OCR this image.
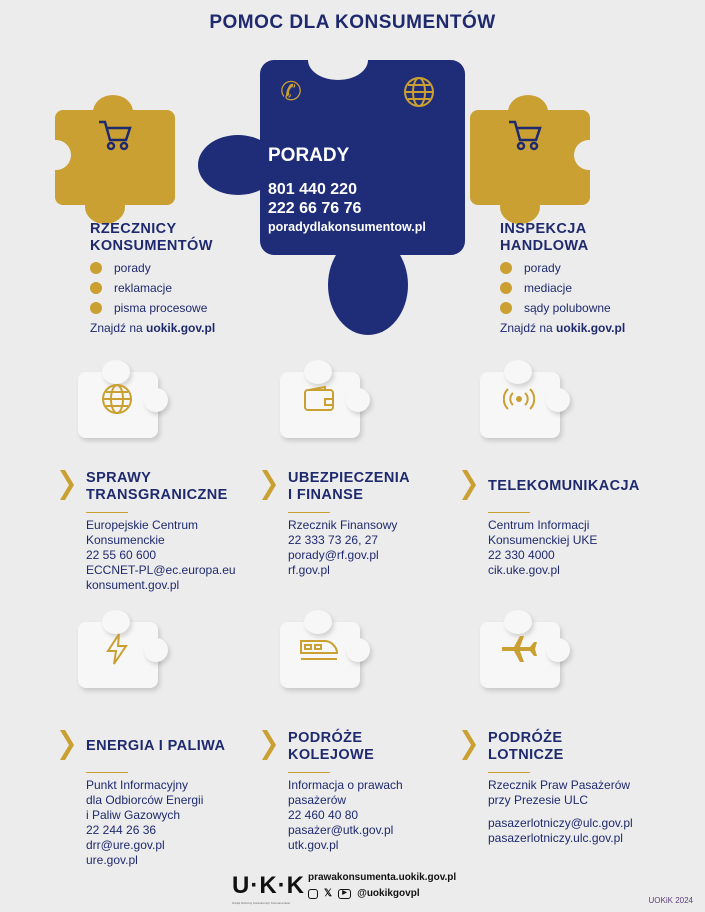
POMOC DLA KONSUMENTÓW
✆
PORADY
801 440 220
222 66 76 76
poradydlakonsumentow.pl
RZECZNICY
KONSUMENTÓW
porady
reklamacje
pisma procesowe
Znajdź na uokik.gov.pl
INSPEKCJA
HANDLOWA
porady
mediacje
sądy polubowne
Znajdź na uokik.gov.pl
SPRAWY
TRANSGRANICZNE
Europejskie Centrum
Konsumenckie
22 55 60 600
ECCNET-PL@ec.europa.eu
konsument.gov.pl
UBEZPIECZENIA
I FINANSE
Rzecznik Finansowy
22 333 73 26, 27
porady@rf.gov.pl
rf.gov.pl
TELEKOMUNIKACJA
Centrum Informacji
Konsumenckiej UKE
22 330 4000
cik.uke.gov.pl
ENERGIA I PALIWA
Punkt Informacyjny
dla Odbiorców Energii
i Paliw Gazowych
22 244 26 36
drr@ure.gov.pl
ure.gov.pl
PODRÓŻE
KOLEJOWE
Informacja o prawach
pasażerów
22 460 40 80
pasażer@utk.gov.pl
utk.gov.pl
PODRÓŻE
LOTNICZE
Rzecznik Praw Pasażerów
przy Prezesie ULC
pasazerlotniczy@ulc.gov.pl
pasazerlotniczy.ulc.gov.pl
U·K·K
Urząd Ochrony Konkurencji i Konsumentów
prawakonsumenta.uokik.gov.pl
𝕏	▶	@uokikgovpl
UOKiK 2024
